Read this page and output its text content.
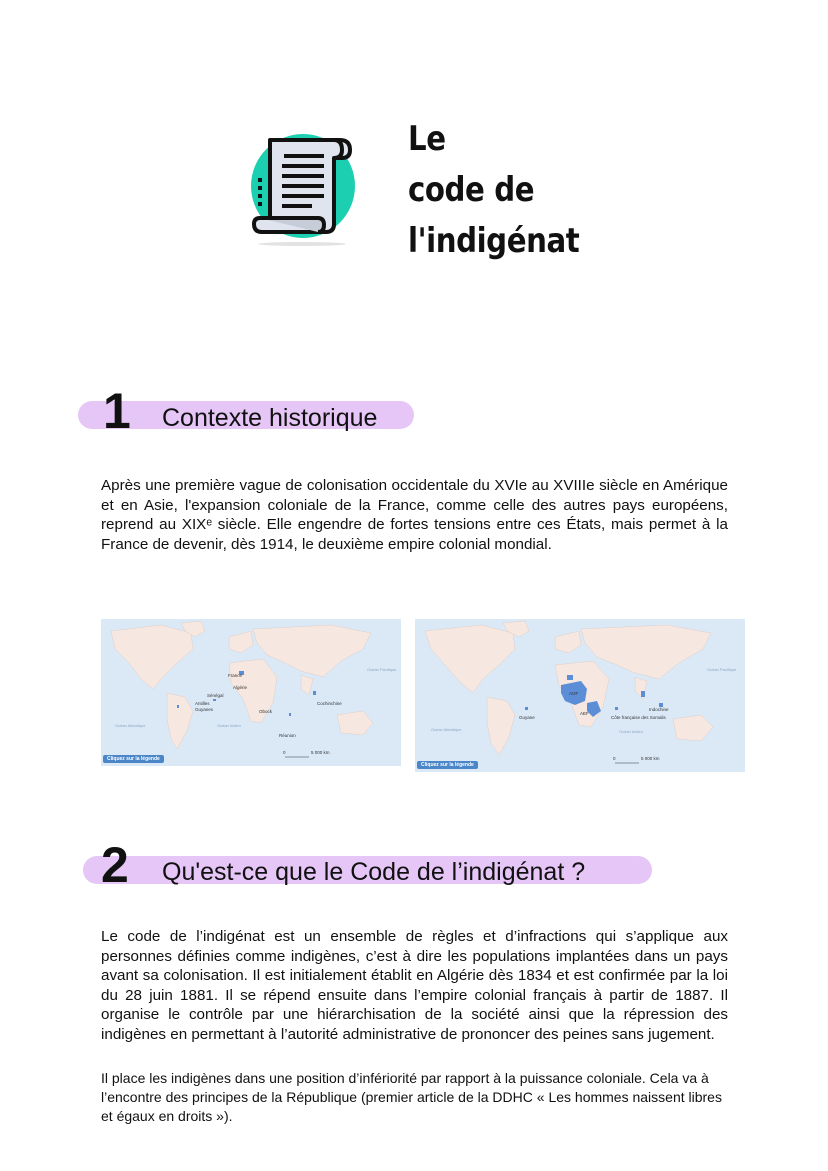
Le
code de
l'indigénat
1 Contexte historique

Après une première vague de colonisation occidentale du XVIe au XVIIIe siècle en Amérique et en Asie, l'expansion coloniale de la France, comme celle des autres pays européens, reprend au XIXᵉ siècle. Elle engendre de fortes tensions entre ces États, mais permet à la France de devenir, dès 1914, le deuxième empire colonial mondial.

France
Algérie
Sénégal
Antilles
Guyanes	Obock
Cochinchine
Réunion
Océan Pacifique
Océan Atlantique	Océan Indien
0	5 000 km
Cliquez sur la légende
AOF
AEF
Guyane	Côte française des Somalis
Indochine
Océan Pacifique
Océan Atlantique	Océan Indien
0	5 000 km
Cliquez sur la légende
2 Qu'est-ce que le Code de l’indigénat ?

Le code de l’indigénat est un ensemble de règles et d’infractions qui s’applique aux personnes définies comme indigènes, c’est à dire les populations implantées dans un pays avant sa colonisation. Il est initialement établit en Algérie dès 1834 et est confirmée par la loi du 28 juin 1881. Il se répend ensuite dans l’empire colonial français à partir de 1887. Il organise le contrôle par une hiérarchisation de la société ainsi que la répression des indigènes en permettant à l’autorité administrative de prononcer des peines sans jugement.

Il place les indigènes dans une position d’infériorité par rapport à la puissance coloniale. Cela va à l’encontre des principes de la République (premier article de la DDHC « Les hommes naissent libres et égaux en droits »).
